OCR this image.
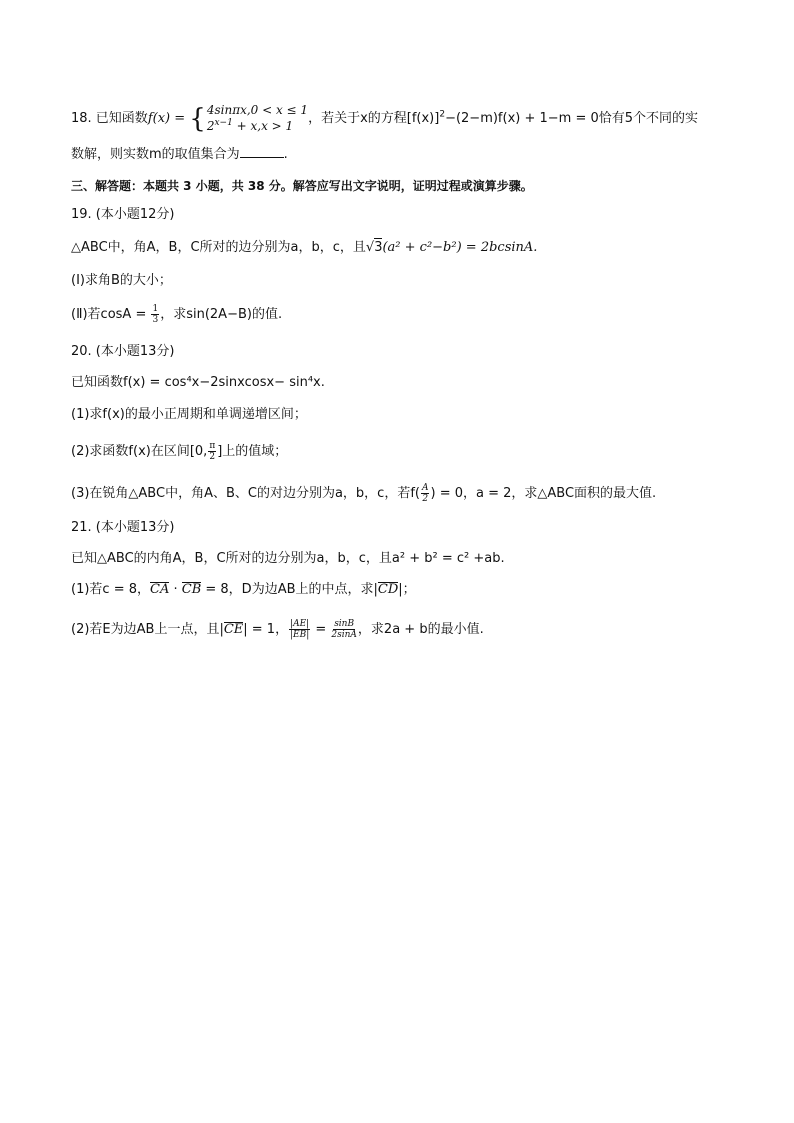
18. 已知函数f(x) = { 4sinπx,0 < x ≤ 1
$2^{x-1} + x,x > 1$	，若关于x的方程$[f(x)]^2-(2-m)f(x) + 1-m = 0$恰有5个不同的实
数解，则实数m的取值集合为	.
三、解答题：本题共 3 小题，共 38 分。解答应写出文字说明，证明过程或演算步骤。
19. (本小题12分)
△ABC中，角A，B，C所对的边分别为a，b，c，且√3(a² + c²−b²) = 2bcsinA.
(Ⅰ)求角B的大小；
(Ⅱ)若$\cos A = \frac{1}{3}$ ，求sin(2A−B)的值.
20. (本小题13分)
已知函数f(x) = cos⁴x−2sinxcosx− sin⁴x.
(1)求f(x)的最小正周期和单调递增区间；
(2)求函数f(x)在区间[0, $\frac{\pi}{2}$ ]上的值域；
(3)在锐角△ABC中，角A、B、C的对边分别为a，b，c，若$f( \frac{A}{2}$ ) = 0，a = 2，求△ABC面积的最大值.
21. (本小题13分)
已知△ABC的内角A，B，C所对的边分别为a，b，c，且a² + b² = c² +ab.
(1)若c = 8，CA · CB = 8，D为边AB上的中点，求|CD|；
(2)若E为边AB上一点，且|CE| = 1， $\frac{|AE|}{|EB|} = \frac{\sin B}{2\sin A}$ ，求2a + b的最小值.
